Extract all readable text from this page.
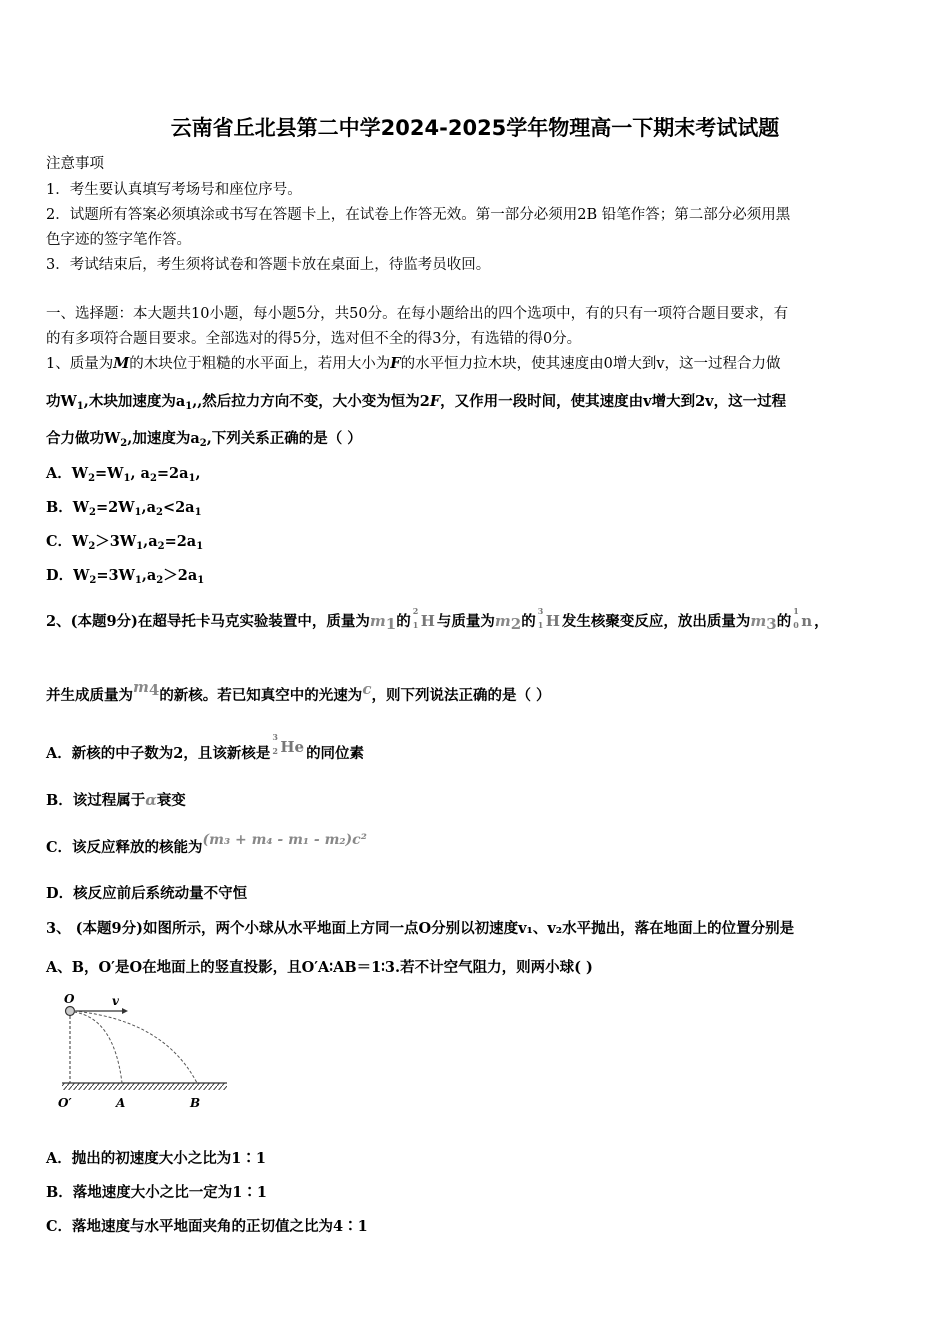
云南省丘北县第二中学2024-2025学年物理高一下期末考试试题
注意事项
1．考生要认真填写考场号和座位序号。
2．试题所有答案必须填涂或书写在答题卡上，在试卷上作答无效。第一部分必须用2B 铅笔作答；第二部分必须用黑
色字迹的签字笔作答。
3．考试结束后，考生须将试卷和答题卡放在桌面上，待监考员收回。
一、选择题：本大题共10小题，每小题5分，共50分。在每小题给出的四个选项中，有的只有一项符合题目要求，有
的有多项符合题目要求。全部选对的得5分，选对但不全的得3分，有选错的得0分。
1、质量为M的木块位于粗糙的水平面上，若用大小为F的水平恒力拉木块，使其速度由0增大到v，这一过程合力做
功$W_1$,木块加速度为$a_1$,,然后拉力方向不变，大小变为恒为2F，又作用一段时间，使其速度由v增大到2v，这一过程
合力做功$W_2$,加速度为$a_2$,下列关系正确的是（ ）
A．$W_2=W_1$, $a_2=2a_1$,
B．$W_2=2W_1,a_2<2a_1$
C．$W_2>3W_1,a_2=2a_1$
D．$W_2=3W_1,a_2>2a_1$
2、(本题9分)在超导托卡马克实验装置中，质量为$m_1$的
2
1 H 与质量为$m_2$的
3
1 H 发生核聚变反应，放出质量为$m_3$的
1
0 n ，
并生成质量为$m_4$的新核。若已知真空中的光速为c，则下列说法正确的是（ ）
A．新核的中子数为2，且该新核是
3
2 He 的同位素
B．该过程属于α衰变
C．该反应释放的核能为(m₃ + m₄ - m₁ - m₂)c²
D．核反应前后系统动量不守恒
3、 (本题9分)如图所示，两个小球从水平地面上方同一点O分别以初速度v₁、v₂水平抛出，落在地面上的位置分别是
A、B，O′是O在地面上的竖直投影，且O′A∶AB＝1∶3.若不计空气阻力，则两小球( )
O	v
O′	A	B
A．抛出的初速度大小之比为1∶1
B．落地速度大小之比一定为1∶1
C．落地速度与水平地面夹角的正切值之比为4∶1
